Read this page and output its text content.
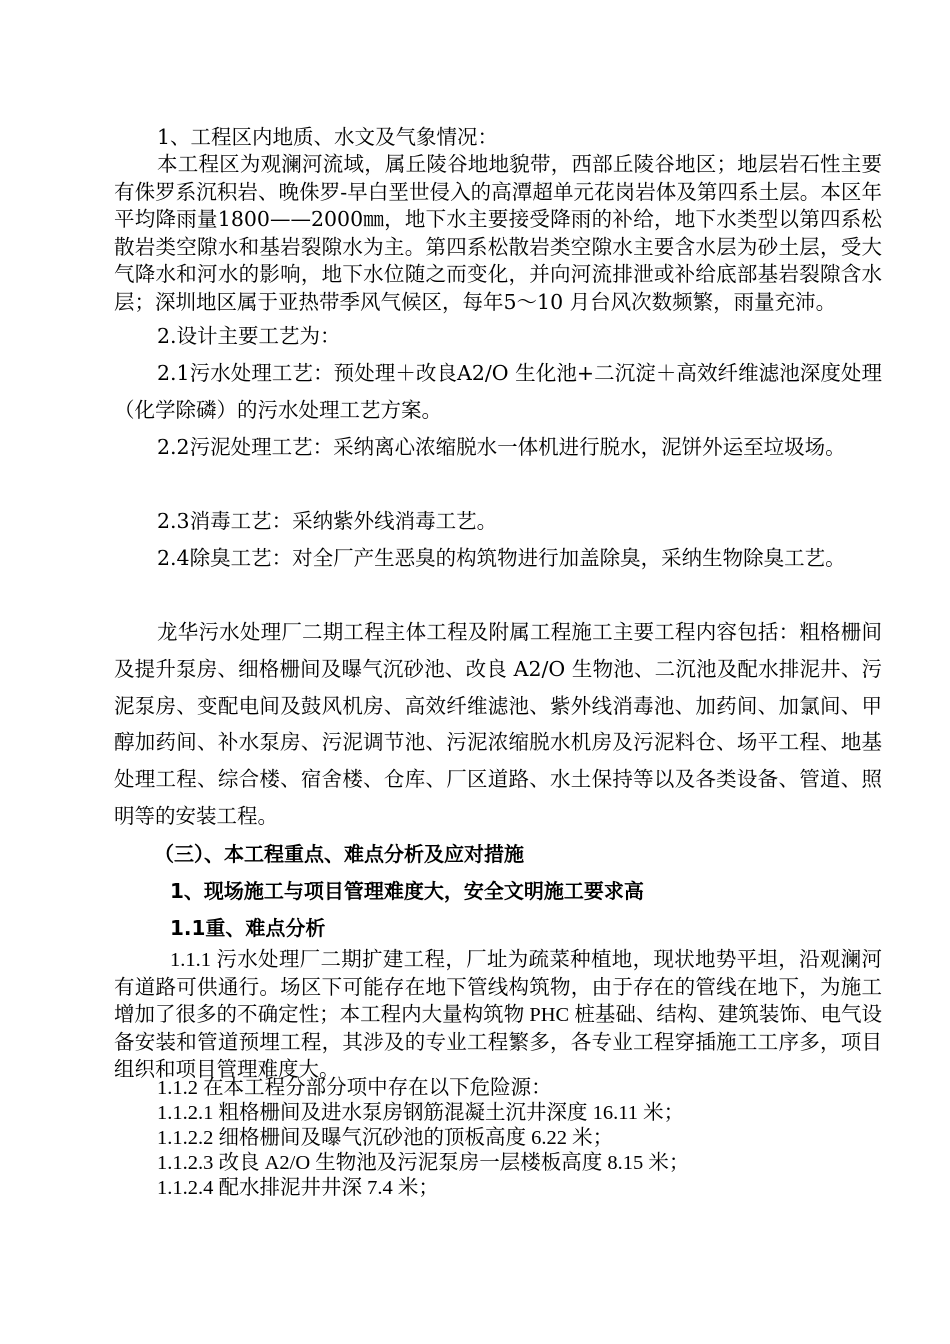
1、工程区内地质、水文及气象情况：

本工程区为观澜河流域，属丘陵谷地地貌带，西部丘陵谷地区；地层岩石性主要有侏罗系沉积岩、晚侏罗-早白垩世侵入的高潭超单元花岗岩体及第四系土层。本区年平均降雨量1800——2000㎜，地下水主要接受降雨的补给，地下水类型以第四系松散岩类空隙水和基岩裂隙水为主。第四系松散岩类空隙水主要含水层为砂土层，受大气降水和河水的影响，地下水位随之而变化，并向河流排泄或补给底部基岩裂隙含水层；深圳地区属于亚热带季风气候区，每年5～10 月台风次数频繁，雨量充沛。

2.设计主要工艺为：

2.1污水处理工艺：预处理＋改良A2/O 生化池+二沉淀＋高效纤维滤池深度处理（化学除磷）的污水处理工艺方案。

2.2污泥处理工艺：采纳离心浓缩脱水一体机进行脱水，泥饼外运至垃圾场。

2.3消毒工艺：采纳紫外线消毒工艺。

2.4除臭工艺：对全厂产生恶臭的构筑物进行加盖除臭，采纳生物除臭工艺。

龙华污水处理厂二期工程主体工程及附属工程施工主要工程内容包括：粗格栅间及提升泵房、细格栅间及曝气沉砂池、改良 A2/O 生物池、二沉池及配水排泥井、污泥泵房、变配电间及鼓风机房、高效纤维滤池、紫外线消毒池、加药间、加氯间、甲醇加药间、补水泵房、污泥调节池、污泥浓缩脱水机房及污泥料仓、场平工程、地基处理工程、综合楼、宿舍楼、仓库、厂区道路、水土保持等以及各类设备、管道、照明等的安装工程。

（三）、本工程重点、难点分析及应对措施

1、现场施工与项目管理难度大，安全文明施工要求高

1.1重、难点分析

1.1.1 污水处理厂二期扩建工程，厂址为疏菜种植地，现状地势平坦，沿观澜河有道路可供通行。场区下可能存在地下管线构筑物，由于存在的管线在地下，为施工增加了很多的不确定性；本工程内大量构筑物 PHC 桩基础、结构、建筑装饰、电气设备安装和管道预埋工程，其涉及的专业工程繁多，各专业工程穿插施工工序多，项目组织和项目管理难度大。

1.1.2 在本工程分部分项中存在以下危险源：

1.1.2.1 粗格栅间及进水泵房钢筋混凝土沉井深度 16.11 米；

1.1.2.2 细格栅间及曝气沉砂池的顶板高度 6.22 米；

1.1.2.3 改良 A2/O 生物池及污泥泵房一层楼板高度 8.15 米；

1.1.2.4 配水排泥井井深 7.4 米；
